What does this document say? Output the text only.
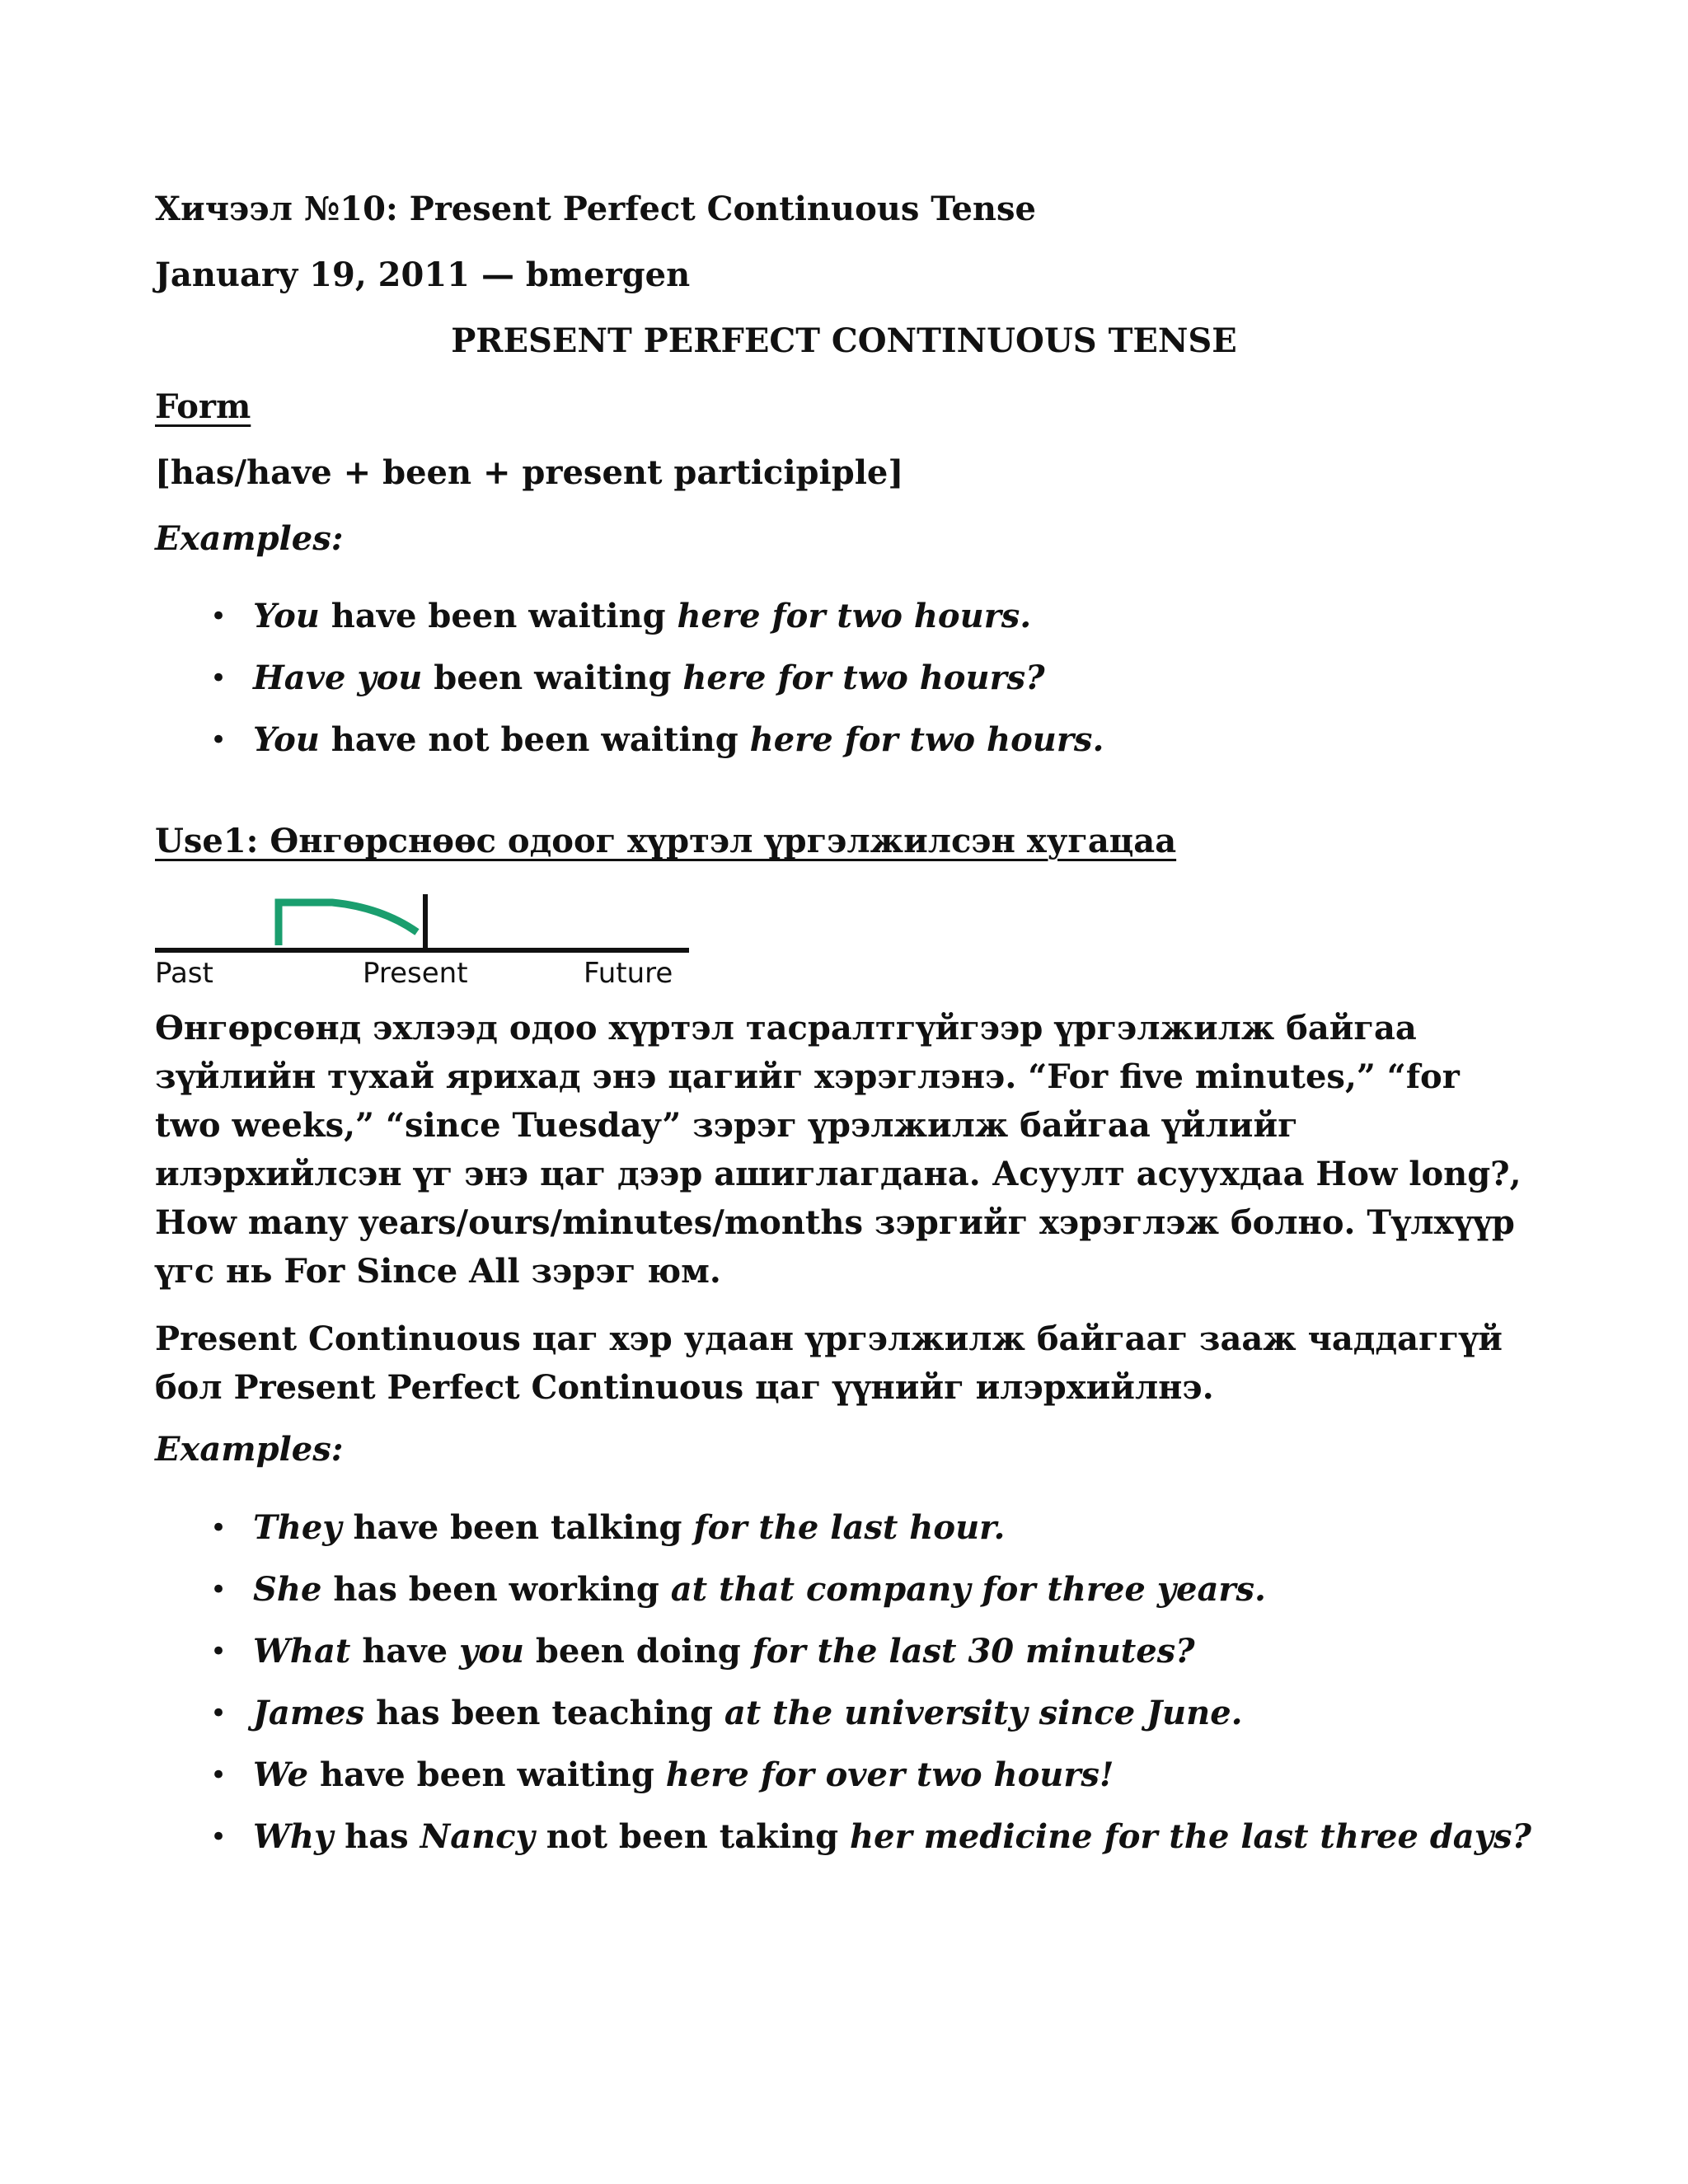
Хичээл №10: Present Perfect Continuous Tense
January 19, 2011 — bmergen
PRESENT PERFECT CONTINUOUS TENSE
Form
[has/have + been + present participiple]
Examples:
• You have been waiting here for two hours.
• Have you been waiting here for two hours?
• You have not been waiting here for two hours.
Use1: Өнгөрснөөс одоог хүртэл үргэлжилсэн хугацаа
Past	Present	Future
Өнгөрсөнд эхлээд одоо хүртэл тасралтгүйгээр үргэлжилж байгаа
зүйлийн тухай ярихад энэ цагийг хэрэглэнэ. “For five minutes,” “for
two weeks,” “since Tuesday” зэрэг үрэлжилж байгаа үйлийг
илэрхийлсэн үг энэ цаг дээр ашиглагдана. Асуулт асуухдаа How long?,
How many years/ours/minutes/months зэргийг хэрэглэж болно. Түлхүүр
үгс нь For Since All зэрэг юм.
Present Continuous цаг хэр удаан үргэлжилж байгааг зааж чаддаггүй
бол Present Perfect Continuous цаг үүнийг илэрхийлнэ.
Examples:
• They have been talking for the last hour.
• She has been working at that company for three years.
• What have you been doing for the last 30 minutes?
• James has been teaching at the university since June.
• We have been waiting here for over two hours!
• Why has Nancy not been taking her medicine for the last three days?
